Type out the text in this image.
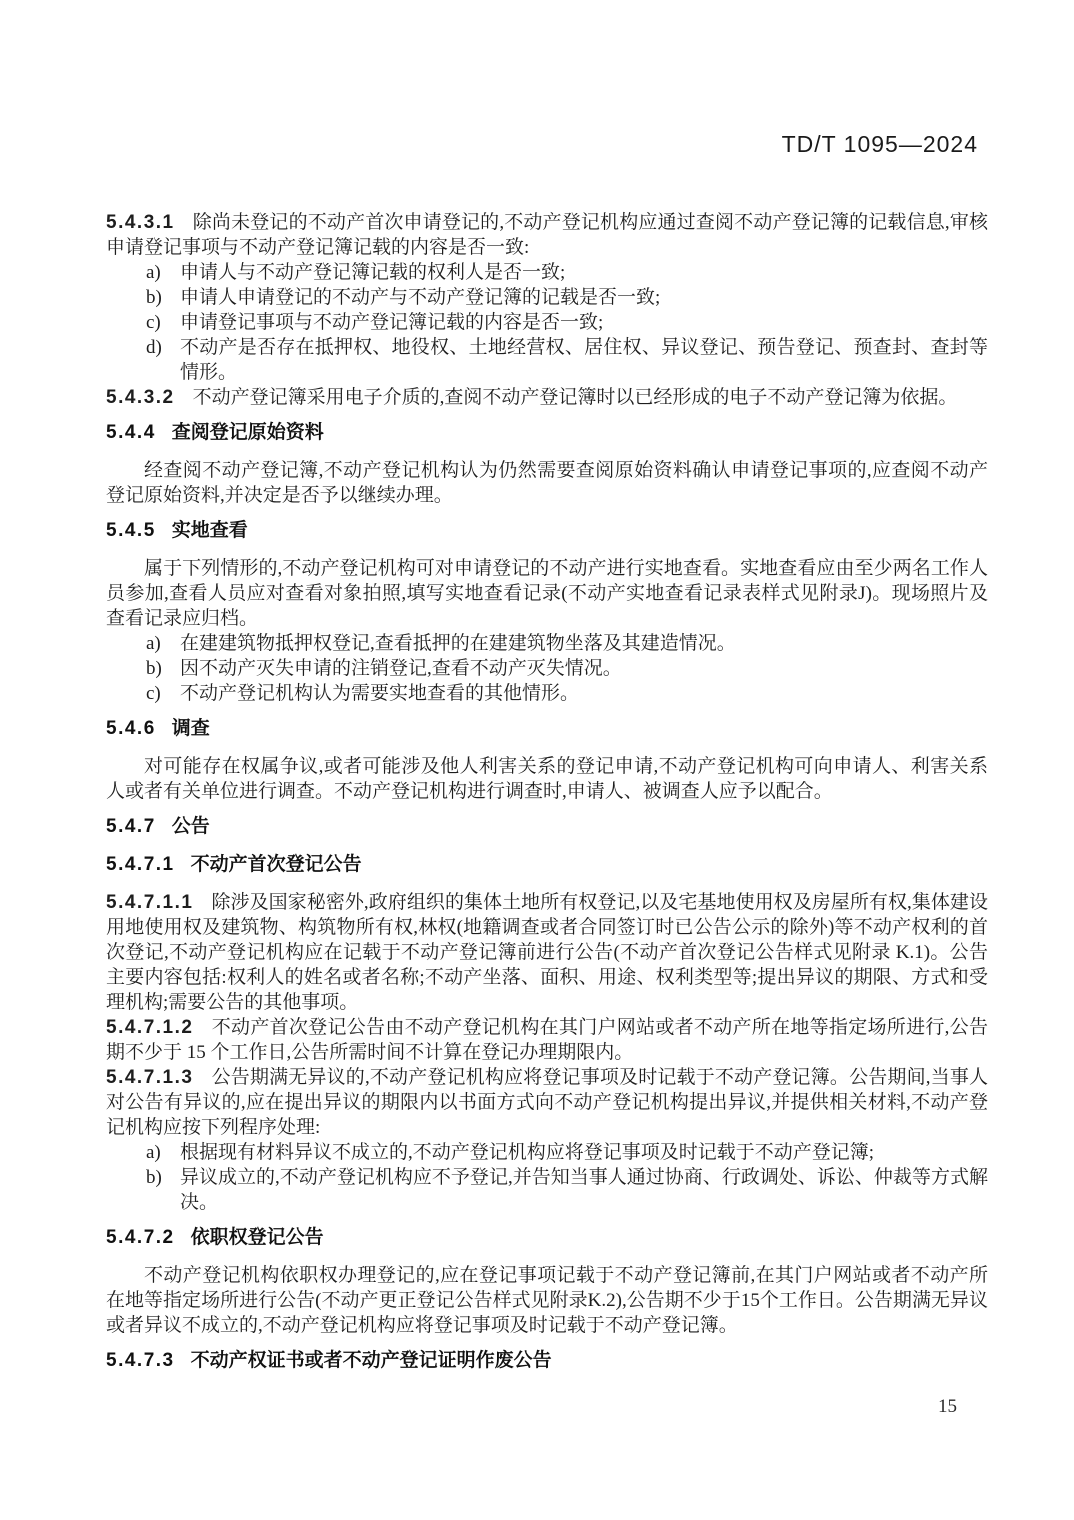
TD/T 1095—2024
5.4.3.1 除尚未登记的不动产首次申请登记的,不动产登记机构应通过查阅不动产登记簿的记载信息,审核申请登记事项与不动产登记簿记载的内容是否一致:
a) 申请人与不动产登记簿记载的权利人是否一致;
b) 申请人申请登记的不动产与不动产登记簿的记载是否一致;
c) 申请登记事项与不动产登记簿记载的内容是否一致;
d) 不动产是否存在抵押权、地役权、土地经营权、居住权、异议登记、预告登记、预查封、查封等情形。
5.4.3.2 不动产登记簿采用电子介质的,查阅不动产登记簿时以已经形成的电子不动产登记簿为依据。
5.4.4 查阅登记原始资料
经查阅不动产登记簿,不动产登记机构认为仍然需要查阅原始资料确认申请登记事项的,应查阅不动产登记原始资料,并决定是否予以继续办理。
5.4.5 实地查看
属于下列情形的,不动产登记机构可对申请登记的不动产进行实地查看。实地查看应由至少两名工作人员参加,查看人员应对查看对象拍照,填写实地查看记录(不动产实地查看记录表样式见附录J)。现场照片及查看记录应归档。
a) 在建建筑物抵押权登记,查看抵押的在建建筑物坐落及其建造情况。
b) 因不动产灭失申请的注销登记,查看不动产灭失情况。
c) 不动产登记机构认为需要实地查看的其他情形。
5.4.6 调查
对可能存在权属争议,或者可能涉及他人利害关系的登记申请,不动产登记机构可向申请人、利害关系人或者有关单位进行调查。不动产登记机构进行调查时,申请人、被调查人应予以配合。
5.4.7 公告
5.4.7.1 不动产首次登记公告
5.4.7.1.1 除涉及国家秘密外,政府组织的集体土地所有权登记,以及宅基地使用权及房屋所有权,集体建设用地使用权及建筑物、构筑物所有权,林权(地籍调查或者合同签订时已公告公示的除外)等不动产权利的首次登记,不动产登记机构应在记载于不动产登记簿前进行公告(不动产首次登记公告样式见附录 K.1)。公告主要内容包括:权利人的姓名或者名称;不动产坐落、面积、用途、权利类型等;提出异议的期限、方式和受理机构;需要公告的其他事项。
5.4.7.1.2 不动产首次登记公告由不动产登记机构在其门户网站或者不动产所在地等指定场所进行,公告期不少于 15 个工作日,公告所需时间不计算在登记办理期限内。
5.4.7.1.3 公告期满无异议的,不动产登记机构应将登记事项及时记载于不动产登记簿。公告期间,当事人对公告有异议的,应在提出异议的期限内以书面方式向不动产登记机构提出异议,并提供相关材料,不动产登记机构应按下列程序处理:
a) 根据现有材料异议不成立的,不动产登记机构应将登记事项及时记载于不动产登记簿;
b) 异议成立的,不动产登记机构应不予登记,并告知当事人通过协商、行政调处、诉讼、仲裁等方式解决。
5.4.7.2 依职权登记公告
不动产登记机构依职权办理登记的,应在登记事项记载于不动产登记簿前,在其门户网站或者不动产所在地等指定场所进行公告(不动产更正登记公告样式见附录K.2),公告期不少于15个工作日。公告期满无异议或者异议不成立的,不动产登记机构应将登记事项及时记载于不动产登记簿。
5.4.7.3 不动产权证书或者不动产登记证明作废公告
15
